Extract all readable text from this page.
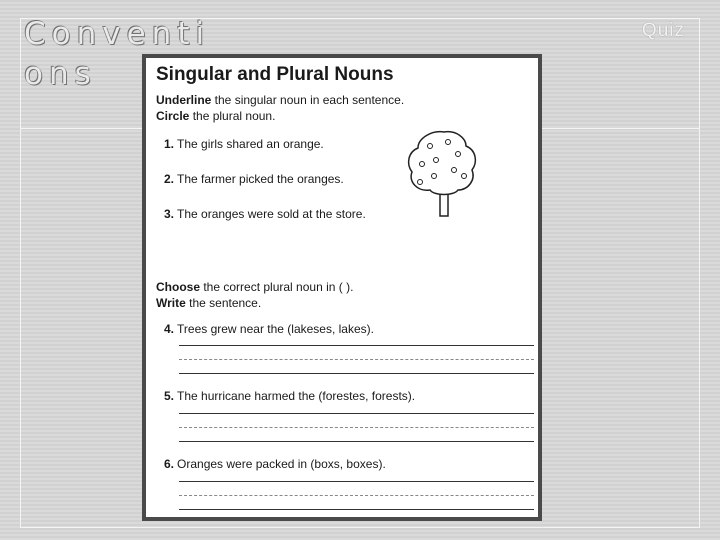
Conventions
Quiz
Singular and Plural Nouns
Underline the singular noun in each sentence.
Circle the plural noun.
1. The girls shared an orange.
2. The farmer picked the oranges.
3. The oranges were sold at the store.
Choose the correct plural noun in ( ).
Write the sentence.
4. Trees grew near the (lakeses, lakes).
5. The hurricane harmed the (forestes, forests).
6. Oranges were packed in (boxs, boxes).
